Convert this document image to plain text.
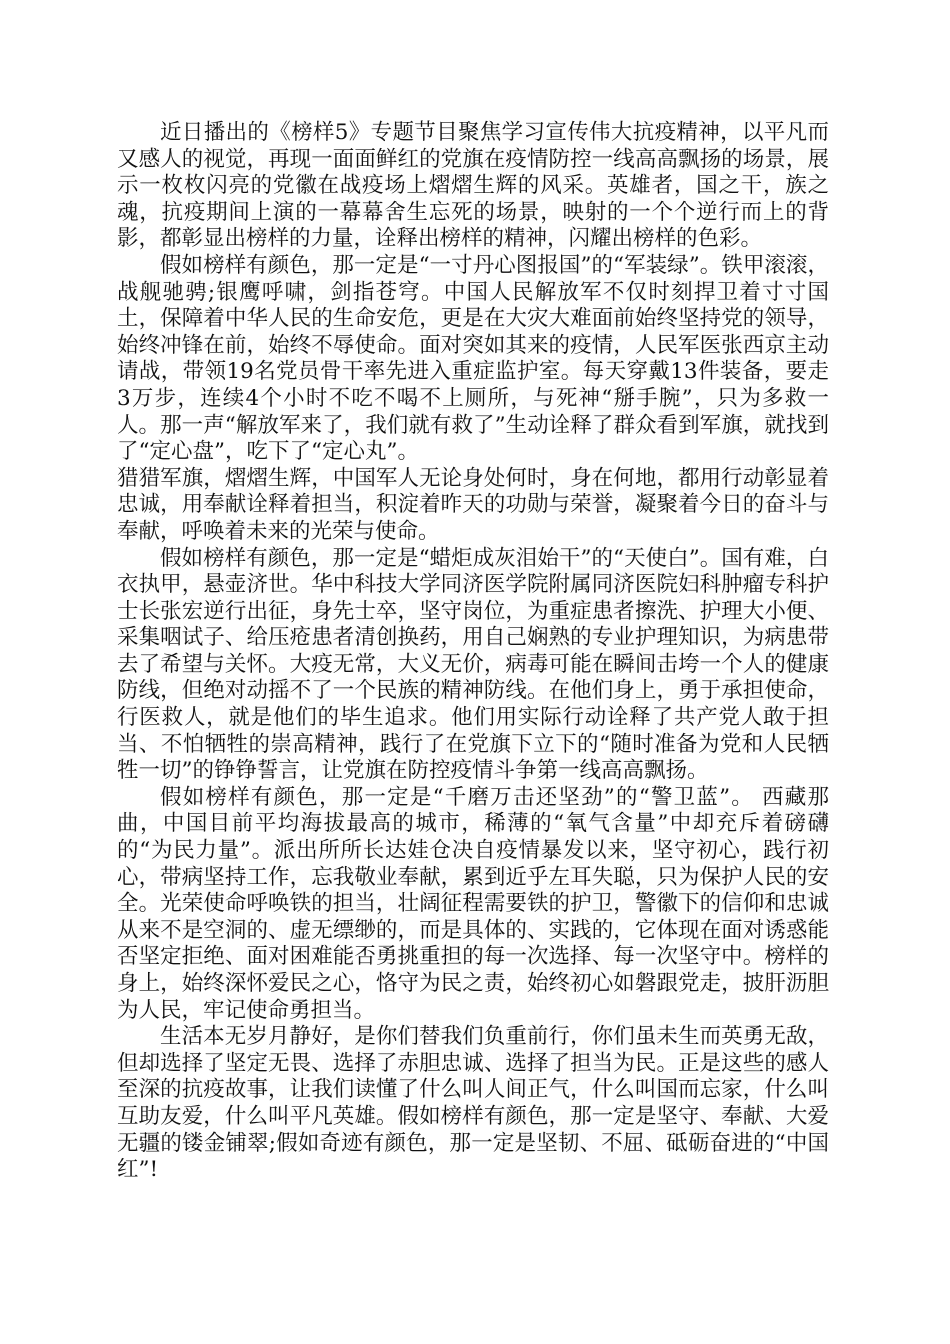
近日播出的《榜样5》专题节目聚焦学习宣传伟大抗疫精神，以平凡而又感人的视觉，再现一面面鲜红的党旗在疫情防控一线高高飘扬的场景，展示一枚枚闪亮的党徽在战疫场上熠熠生辉的风采。英雄者，国之干，族之魂，抗疫期间上演的一幕幕舍生忘死的场景，映射的一个个逆行而上的背影，都彰显出榜样的力量，诠释出榜样的精神，闪耀出榜样的色彩。

假如榜样有颜色，那一定是“一寸丹心图报国”的“军装绿”。铁甲滚滚，战舰驰骋;银鹰呼啸，剑指苍穹。中国人民解放军不仅时刻捍卫着寸寸国土，保障着中华人民的生命安危，更是在大灾大难面前始终坚持党的领导，始终冲锋在前，始终不辱使命。面对突如其来的疫情，人民军医张西京主动请战，带领19名党员骨干率先进入重症监护室。每天穿戴13件装备，要走3万步，连续4个小时不吃不喝不上厕所，与死神“掰手腕”，只为多救一人。那一声“解放军来了，我们就有救了”生动诠释了群众看到军旗，就找到了“定心盘”，吃下了“定心丸”。

猎猎军旗，熠熠生辉，中国军人无论身处何时，身在何地，都用行动彰显着忠诚，用奉献诠释着担当，积淀着昨天的功勋与荣誉，凝聚着今日的奋斗与奉献，呼唤着未来的光荣与使命。

假如榜样有颜色，那一定是“蜡炬成灰泪始干”的“天使白”。国有难，白衣执甲，悬壶济世。华中科技大学同济医学院附属同济医院妇科肿瘤专科护士长张宏逆行出征，身先士卒，坚守岗位，为重症患者擦洗、护理大小便、采集咽试子、给压疮患者清创换药，用自己娴熟的专业护理知识，为病患带去了希望与关怀。大疫无常，大义无价，病毒可能在瞬间击垮一个人的健康防线，但绝对动摇不了一个民族的精神防线。在他们身上，勇于承担使命，行医救人，就是他们的毕生追求。他们用实际行动诠释了共产党人敢于担当、不怕牺牲的崇高精神，践行了在党旗下立下的“随时准备为党和人民牺牲一切”的铮铮誓言，让党旗在防控疫情斗争第一线高高飘扬。

假如榜样有颜色，那一定是“千磨万击还坚劲”的“警卫蓝”。 西藏那曲，中国目前平均海拔最高的城市，稀薄的“氧气含量”中却充斥着磅礴的“为民力量”。派出所所长达娃仓决自疫情暴发以来，坚守初心，践行初心，带病坚持工作，忘我敬业奉献，累到近乎左耳失聪，只为保护人民的安全。光荣使命呼唤铁的担当，壮阔征程需要铁的护卫，警徽下的信仰和忠诚从来不是空洞的、虚无缥缈的，而是具体的、实践的，它体现在面对诱惑能否坚定拒绝、面对困难能否勇挑重担的每一次选择、每一次坚守中。榜样的身上，始终深怀爱民之心，恪守为民之责，始终初心如磐跟党走，披肝沥胆为人民，牢记使命勇担当。

生活本无岁月静好，是你们替我们负重前行，你们虽未生而英勇无敌，但却选择了坚定无畏、选择了赤胆忠诚、选择了担当为民。正是这些的感人至深的抗疫故事，让我们读懂了什么叫人间正气，什么叫国而忘家，什么叫互助友爱，什么叫平凡英雄。假如榜样有颜色，那一定是坚守、奉献、大爱无疆的镂金铺翠;假如奇迹有颜色，那一定是坚韧、不屈、砥砺奋进的“中国红”!
